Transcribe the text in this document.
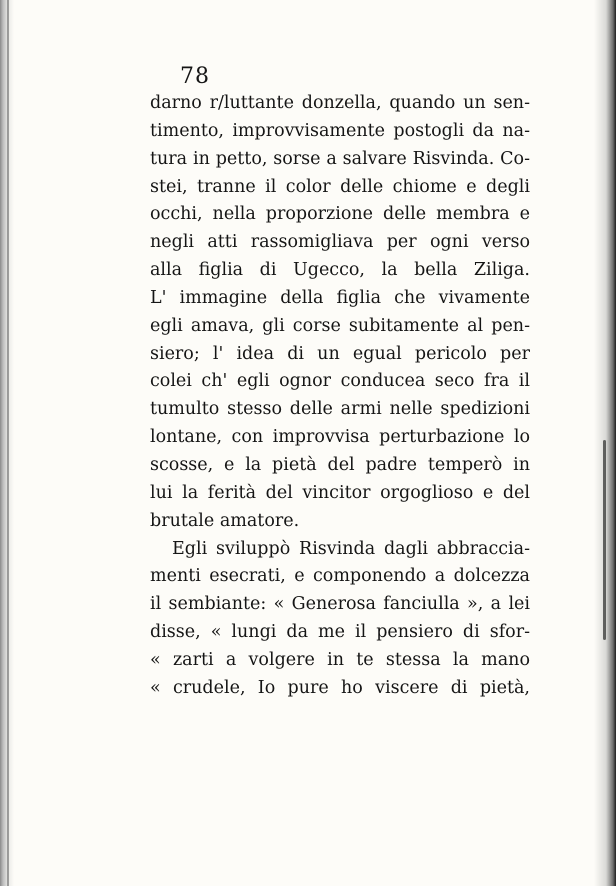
78
darno r/luttante donzella, quando un sen-
timento, improvvisamente postogli da na-
tura in petto, sorse a salvare Risvinda. Co-
stei, tranne il color delle chiome e degli
occhi, nella proporzione delle membra e
negli atti rassomigliava per ogni verso
alla figlia di Ugecco, la bella Ziliga.
L' immagine della figlia che vivamente
egli amava, gli corse subitamente al pen-
siero; l' idea di un egual pericolo per
colei ch' egli ognor conducea seco fra il
tumulto stesso delle armi nelle spedizioni
lontane, con improvvisa perturbazione lo
scosse, e la pietà del padre temperò in
lui la ferità del vincitor orgoglioso e del
brutale amatore.
Egli sviluppò Risvinda dagli abbraccia-
menti esecrati, e componendo a dolcezza
il sembiante: « Generosa fanciulla », a lei
disse, « lungi da me il pensiero di sfor-
« zarti a volgere in te stessa la mano
« crudele, Io pure ho viscere di pietà,
